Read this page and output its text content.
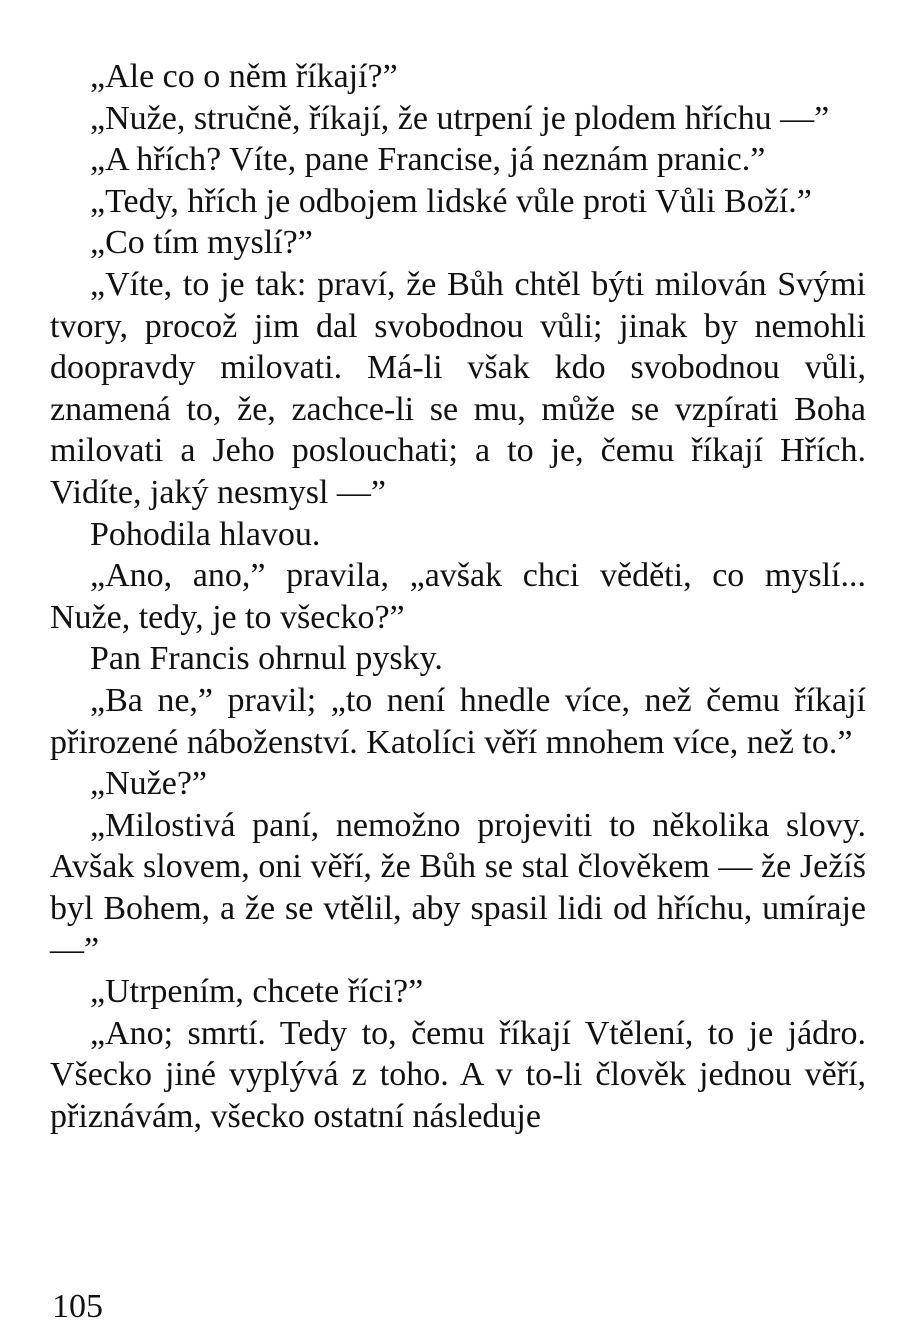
„Ale co o něm říkají?”

„Nuže, stručně, říkají, že utrpení je plodem hříchu —”

„A hřích? Víte, pane Francise, já neznám pranic.”

„Tedy, hřích je odbojem lidské vůle proti Vůli Boží.”

„Co tím myslí?”

„Víte, to je tak: praví, že Bůh chtěl býti milován Svými tvory, procož jim dal svobodnou vůli; jinak by nemohli doopravdy milovati. Má-li však kdo svobodnou vůli, znamená to, že, zachce-li se mu, může se vzpírati Boha milovati a Jeho poslouchati; a to je, čemu říkají Hřích. Vidíte, jaký nesmysl —”

Pohodila hlavou.

„Ano, ano,” pravila, „avšak chci věděti, co myslí... Nuže, tedy, je to všecko?”

Pan Francis ohrnul pysky.

„Ba ne,” pravil; „to není hnedle více, než čemu říkají přirozené náboženství. Katolíci věří mnohem více, než to.”

„Nuže?”

„Milostivá paní, nemožno projeviti to několika slovy. Avšak slovem, oni věří, že Bůh se stal člověkem — že Ježíš byl Bohem, a že se vtělil, aby spasil lidi od hříchu, umíraje —”

„Utrpením, chcete říci?”

„Ano; smrtí. Tedy to, čemu říkají Vtělení, to je jádro. Všecko jiné vyplývá z toho. A v to-li člověk jednou věří, přiznávám, všecko ostatní následuje

105
